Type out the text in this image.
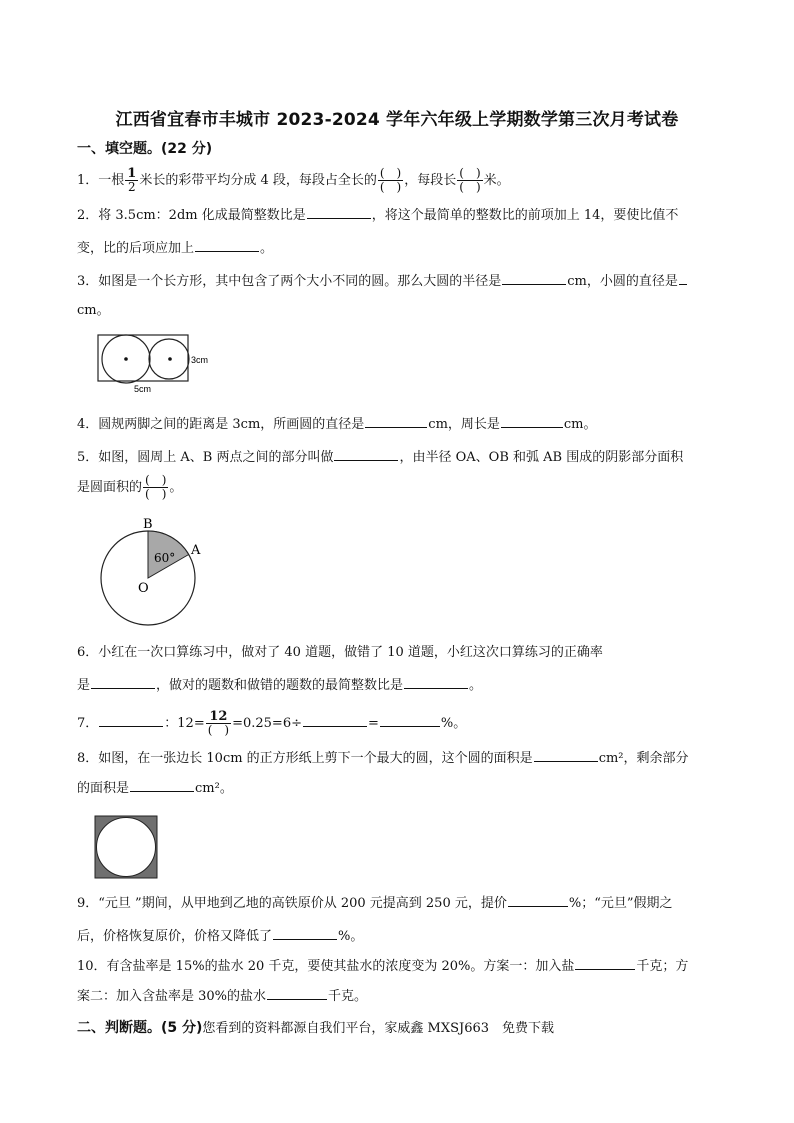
江西省宜春市丰城市 2023-2024 学年六年级上学期数学第三次月考试卷
一、填空题。(22 分)
1．一根 $\frac{1}{2}$ 米长的彩带平均分成 4 段，每段占全长的 $\frac{( )}{( )}$ ，每段长 $\frac{( )}{( )}$ 米。
2．将 3.5cm：2dm 化成最简整数比是	，将这个最简单的整数比的前项加上 14，要使比值不
变，比的后项应加上	。
3．如图是一个长方形，其中包含了两个大小不同的圆。那么大圆的半径是	cm，小圆的直径是
cm。
3cm
5cm
4．圆规两脚之间的距离是 3cm，所画圆的直径是	cm，周长是	cm。
5．如图，圆周上 A、B 两点之间的部分叫做	，由半径 OA、OB 和弧 AB 围成的阴影部分面积
是圆面积的 $\frac{( )}{( )}$ 。
B
A
O
60°
6．小红在一次口算练习中，做对了 40 道题，做错了 10 道题，小红这次口算练习的正确率
是	，做对的题数和做错的题数的最简整数比是	。
7．	：$12= \frac{12}{( )} =0.25=6\div$	=	%。
8．如图，在一张边长 10cm 的正方形纸上剪下一个最大的圆，这个圆的面积是	cm²，剩余部分
的面积是	cm²。
9．“元旦 ”期间，从甲地到乙地的高铁原价从 200 元提高到 250 元，提价	%；“元旦”假期之
后，价格恢复原价，价格又降低了	%。
10．有含盐率是 15%的盐水 20 千克，要使其盐水的浓度变为 20%。方案一：加入盐	千克；方
案二：加入含盐率是 30%的盐水	千克。
二、判断题。(5 分)您看到的资料都源自我们平台，家威鑫 MXSJ663　免费下载
